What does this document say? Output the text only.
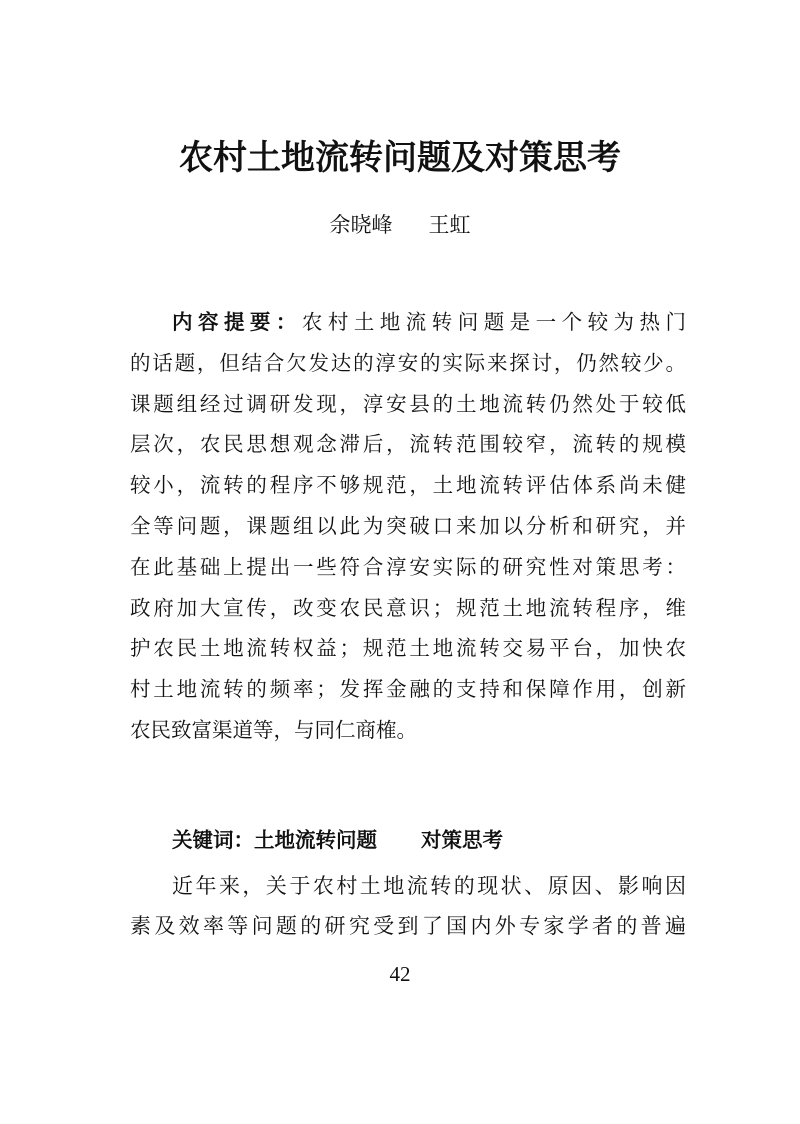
农村土地流转问题及对策思考
余晓峰 王虹
内容提要：农村土地流转问题是一个较为热门
的话题，但结合欠发达的淳安的实际来探讨，仍然较少。
课题组经过调研发现，淳安县的土地流转仍然处于较低
层次，农民思想观念滞后，流转范围较窄，流转的规模
较小，流转的程序不够规范，土地流转评估体系尚未健
全等问题，课题组以此为突破口来加以分析和研究，并
在此基础上提出一些符合淳安实际的研究性对策思考：
政府加大宣传，改变农民意识；规范土地流转程序，维
护农民土地流转权益；规范土地流转交易平台，加快农
村土地流转的频率；发挥金融的支持和保障作用，创新
农民致富渠道等，与同仁商榷。
关键词：土地流转问题 对策思考
近年来，关于农村土地流转的现状、原因、影响因
素及效率等问题的研究受到了国内外专家学者的普遍
42
